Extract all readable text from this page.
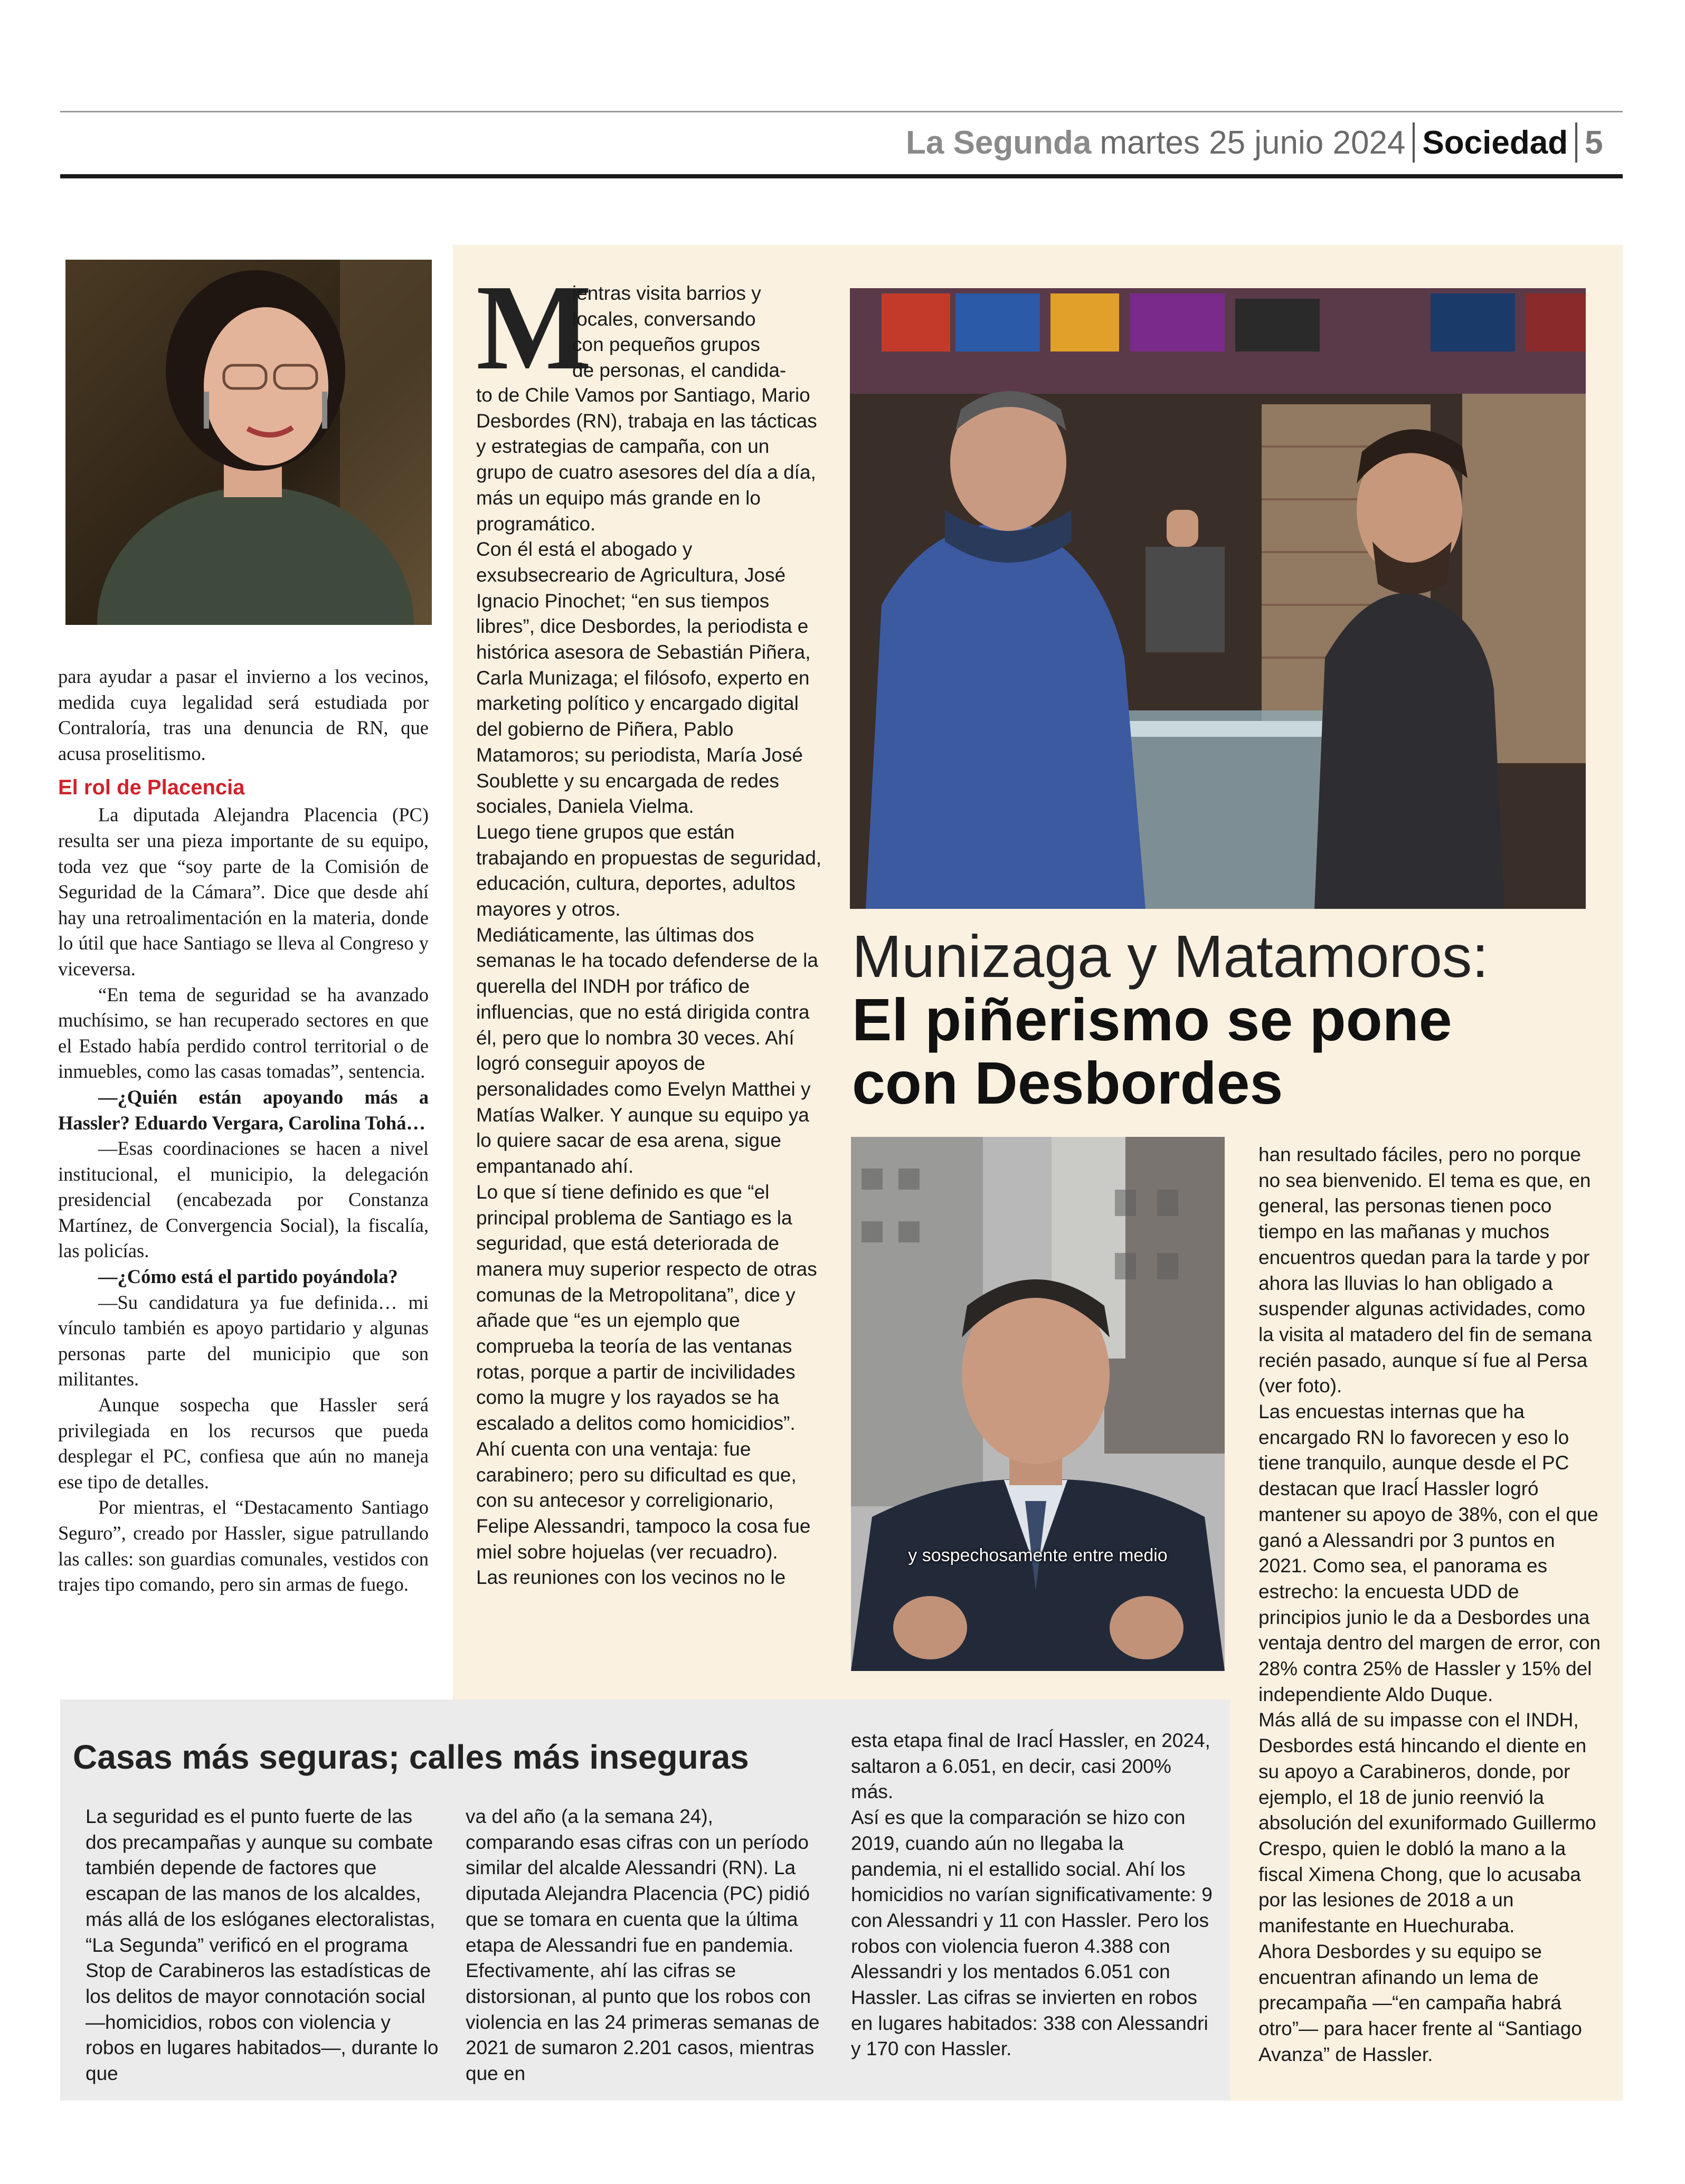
La Segunda martes 25 junio 2024 Sociedad 5

para ayudar a pasar el invierno a los vecinos, medida cuya legalidad será estudiada por Contraloría, tras una denuncia de RN, que acusa proselitismo.

El rol de Placencia

La diputada Alejandra Placencia (PC) resulta ser una pieza importante de su equipo, toda vez que “soy parte de la Comisión de Seguridad de la Cámara”. Dice que desde ahí hay una retroalimentación en la materia, donde lo útil que hace Santiago se lleva al Congreso y viceversa.

“En tema de seguridad se ha avanzado muchísimo, se han recuperado sectores en que el Estado había perdido control territorial o de inmuebles, como las casas tomadas”, sentencia.

—¿Quién están apoyando más a Hassler? Eduardo Vergara, Carolina Tohá…

—Esas coordinaciones se hacen a nivel institucional, el municipio, la delegación presidencial (encabezada por Constanza Martínez, de Convergencia Social), la fiscalía, las policías.

—¿Cómo está el partido poyándola?

—Su candidatura ya fue definida… mi vínculo también es apoyo partidario y algunas personas parte del municipio que son militantes.

Aunque sospecha que Hassler será privilegiada en los recursos que pueda desplegar el PC, confiesa que aún no maneja ese tipo de detalles.

Por mientras, el “Destacamento Santiago Seguro”, creado por Hassler, sigue patrullando las calles: son guardias comunales, vestidos con trajes tipo comando, pero sin armas de fuego.

M
ientras visita barrios y
locales, conversando
con pequeños grupos
de personas, el candida-

to de Chile Vamos por Santiago, Mario Desbordes (RN), trabaja en las tácticas y estrategias de campaña, con un grupo de cuatro asesores del día a día, más un equipo más grande en lo programático.

Con él está el abogado y exsubsecreario de Agricultura, José Ignacio Pinochet; “en sus tiempos libres”, dice Desbordes, la periodista e histórica asesora de Sebastián Piñera, Carla Munizaga; el filósofo, experto en marketing político y encargado digital del gobierno de Piñera, Pablo Matamoros; su periodista, María José Soublette y su encargada de redes sociales, Daniela Vielma.

Luego tiene grupos que están trabajando en propuestas de seguridad, educación, cultura, deportes, adultos mayores y otros.

Mediáticamente, las últimas dos semanas le ha tocado defenderse de la querella del INDH por tráfico de influencias, que no está dirigida contra él, pero que lo nombra 30 veces. Ahí logró conseguir apoyos de personalidades como Evelyn Matthei y Matías Walker. Y aunque su equipo ya lo quiere sacar de esa arena, sigue empantanado ahí.

Lo que sí tiene definido es que “el principal problema de Santiago es la seguridad, que está deteriorada de manera muy superior respecto de otras comunas de la Metropolitana”, dice y añade que “es un ejemplo que comprueba la teoría de las ventanas rotas, porque a partir de incivilidades como la mugre y los rayados se ha escalado a delitos como homicidios”.

Ahí cuenta con una ventaja: fue carabinero; pero su dificultad es que, con su antecesor y correligionario, Felipe Alessandri, tampoco la cosa fue miel sobre hojuelas (ver recuadro).

Las reuniones con los vecinos no le

Munizaga y Matamoros:
El piñerismo se pone
con Desbordes
y sospechosamente entre medio

han resultado fáciles, pero no porque no sea bienvenido. El tema es que, en general, las personas tienen poco tiempo en las mañanas y muchos encuentros quedan para la tarde y por ahora las lluvias lo han obligado a suspender algunas actividades, como la visita al matadero del fin de semana recién pasado, aunque sí fue al Persa (ver foto).

Las encuestas internas que ha encargado RN lo favorecen y eso lo tiene tranquilo, aunque desde el PC destacan que Iracĺ Hassler logró mantener su apoyo de 38%, con el que ganó a Alessandri por 3 puntos en 2021. Como sea, el panorama es estrecho: la encuesta UDD de principios junio le da a Desbordes una ventaja dentro del margen de error, con 28% contra 25% de Hassler y 15% del independiente Aldo Duque.

Más allá de su impasse con el INDH, Desbordes está hincando el diente en su apoyo a Carabineros, donde, por ejemplo, el 18 de junio reenvió la absolución del exuniformado Guillermo Crespo, quien le dobló la mano a la fiscal Ximena Chong, que lo acusaba por las lesiones de 2018 a un manifestante en Huechuraba.

Ahora Desbordes y su equipo se encuentran afinando un lema de precampaña —“en campaña habrá otro”— para hacer frente al “Santiago Avanza” de Hassler.

Casas más seguras; calles más inseguras

La seguridad es el punto fuerte de las dos precampañas y aunque su combate también depende de factores que escapan de las manos de los alcaldes, más allá de los eslóganes electoralistas, “La Segunda” verificó en el programa Stop de Carabineros las estadísticas de los delitos de mayor connotación social —homicidios, robos con violencia y robos en lugares habitados—, durante lo que

va del año (a la semana 24), comparando esas cifras con un período similar del alcalde Alessandri (RN). La diputada Alejandra Placencia (PC) pidió que se tomara en cuenta que la última etapa de Alessandri fue en pandemia. Efectivamente, ahí las cifras se distorsionan, al punto que los robos con violencia en las 24 primeras semanas de 2021 de sumaron 2.201 casos, mientras que en

esta etapa final de Iracĺ Hassler, en 2024, saltaron a 6.051, en decir, casi 200% más.

Así es que la comparación se hizo con 2019, cuando aún no llegaba la pandemia, ni el estallido social. Ahí los homicidios no varían significativamente: 9 con Alessandri y 11 con Hassler. Pero los robos con violencia fueron 4.388 con Alessandri y los mentados 6.051 con Hassler. Las cifras se invierten en robos en lugares habitados: 338 con Alessandri y 170 con Hassler.
